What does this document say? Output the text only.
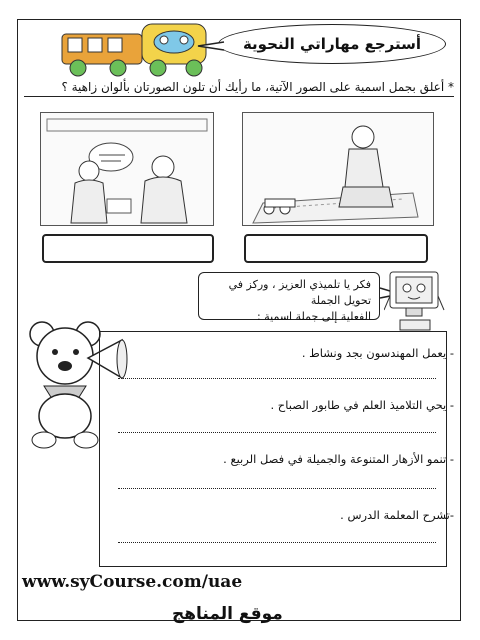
أسترجع مهاراتي النحوية
* أعلق بجمل اسمية على الصور الآتية، ما رأيك أن تلون الصورتان بألوان زاهية ؟
فكر يا تلميذي العزيز ، وركز في تحويل الجملة
الفعلية إلى جملة اسمية :
- يعمل المهندسون بجد ونشاط .
- يحي التلاميذ العلم في طابور الصباح .
- تنمو الأزهار المتنوعة والجميلة في فصل الربيع .
-تشرح المعلمة الدرس .
www.syCourse.com/uae
موقع المناهج
